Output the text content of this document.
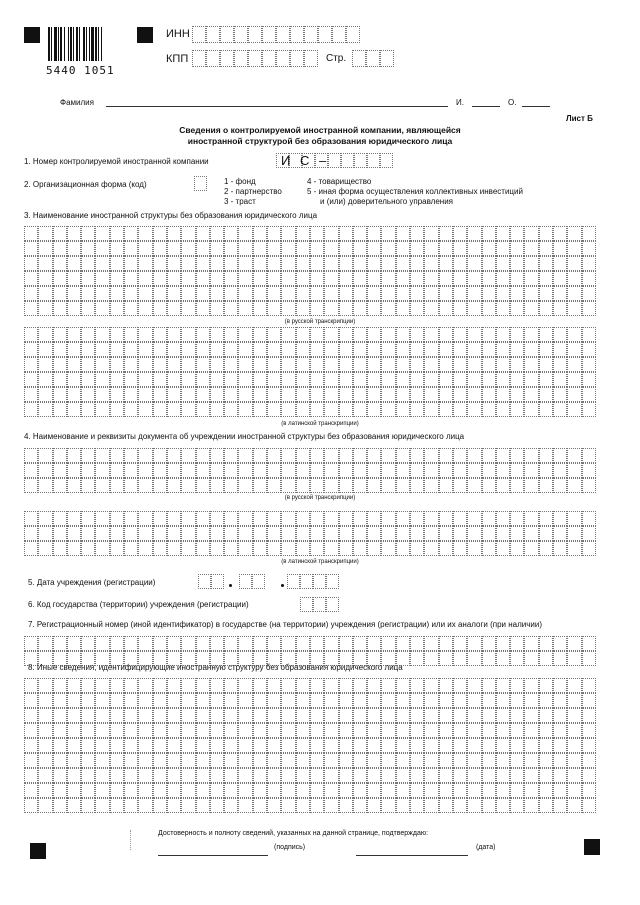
5440 1051
ИНН
КПП	Стр.
Фамилия	И.	О.
Лист Б
Сведения о контролируемой иностранной компании, являющейся
иностранной структурой без образования юридического лица
1. Номер контролируемой иностранной компании	И С –
2. Организационная форма (код)	1 - фонд
2 - партнерство
3 - траст
4 - товарищество
5 - иная форма осуществления коллективных инвестиций
и (или) доверительного управления
3. Наименование иностранной структуры без образования юридического лица
(в русской транскрипции)
(в латинской транскрипции)
4. Наименование и реквизиты документа об учреждении иностранной структуры без образования юридического лица
(в русской транскрипции)
(в латинской транскрипции)
5. Дата учреждения (регистрации)
6. Код государства (территории) учреждения (регистрации)
7. Регистрационный номер (иной идентификатор) в государстве (на территории) учреждения (регистрации) или их аналоги (при наличии)
8. Иные сведения, идентифицирующие иностранную структуру без образования юридического лица
Достоверность и полноту сведений, указанных на данной странице, подтверждаю:
(подпись)	(дата)
